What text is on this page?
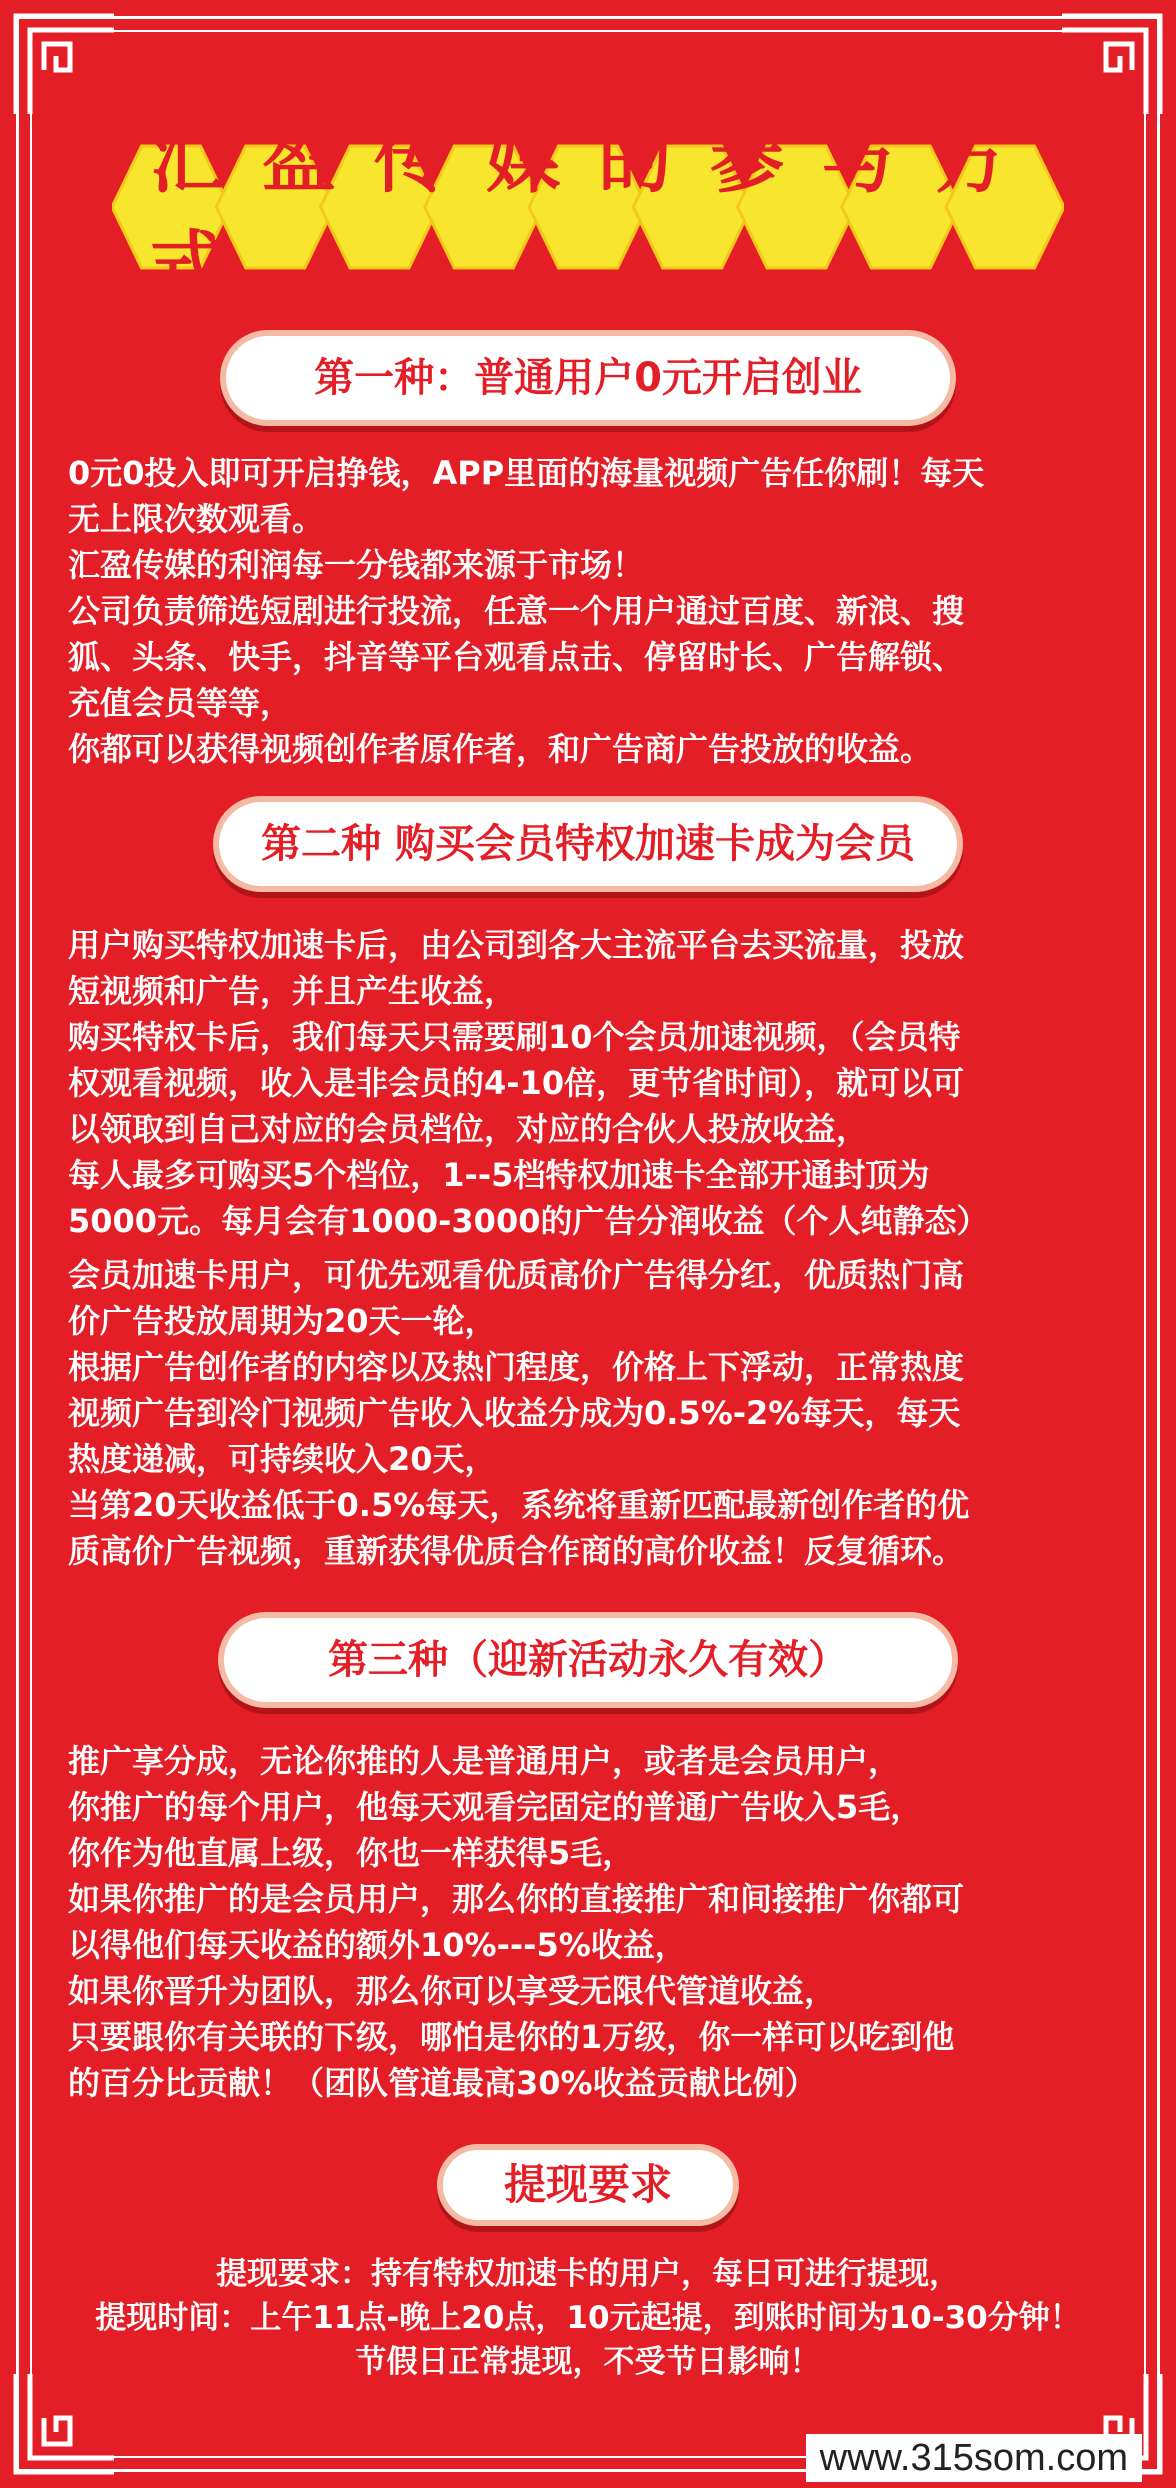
汇盈传媒的参与方式
第一种：普通用户0元开启创业
0元0投入即可开启挣钱，APP里面的海量视频广告任你刷！每天
无上限次数观看。
汇盈传媒的利润每一分钱都来源于市场！
公司负责筛选短剧进行投流，任意一个用户通过百度、新浪、搜
狐、头条、快手，抖音等平台观看点击、停留时长、广告解锁、
充值会员等等，
你都可以获得视频创作者原作者，和广告商广告投放的收益。
第二种 购买会员特权加速卡成为会员
用户购买特权加速卡后，由公司到各大主流平台去买流量，投放
短视频和广告，并且产生收益，
购买特权卡后，我们每天只需要刷10个会员加速视频，（会员特
权观看视频，收入是非会员的4-10倍，更节省时间），就可以可
以领取到自己对应的会员档位，对应的合伙人投放收益，
每人最多可购买5个档位，1--5档特权加速卡全部开通封顶为
5000元。每月会有1000-3000的广告分润收益（个人纯静态）
会员加速卡用户，可优先观看优质高价广告得分红，优质热门高
价广告投放周期为20天一轮，
根据广告创作者的内容以及热门程度，价格上下浮动，正常热度
视频广告到冷门视频广告收入收益分成为0.5%-2%每天，每天
热度递减，可持续收入20天，
当第20天收益低于0.5%每天，系统将重新匹配最新创作者的优
质高价广告视频，重新获得优质合作商的高价收益！反复循环。
第三种（迎新活动永久有效）
推广享分成，无论你推的人是普通用户，或者是会员用户，
你推广的每个用户，他每天观看完固定的普通广告收入5毛，
你作为他直属上级，你也一样获得5毛，
如果你推广的是会员用户，那么你的直接推广和间接推广你都可
以得他们每天收益的额外10%---5%收益，
如果你晋升为团队，那么你可以享受无限代管道收益，
只要跟你有关联的下级，哪怕是你的1万级，你一样可以吃到他
的百分比贡献！（团队管道最高30%收益贡献比例）
提现要求
提现要求：持有特权加速卡的用户，每日可进行提现，
提现时间：上午11点-晚上20点，10元起提，到账时间为10-30分钟！
节假日正常提现，不受节日影响！
www.315som.com
